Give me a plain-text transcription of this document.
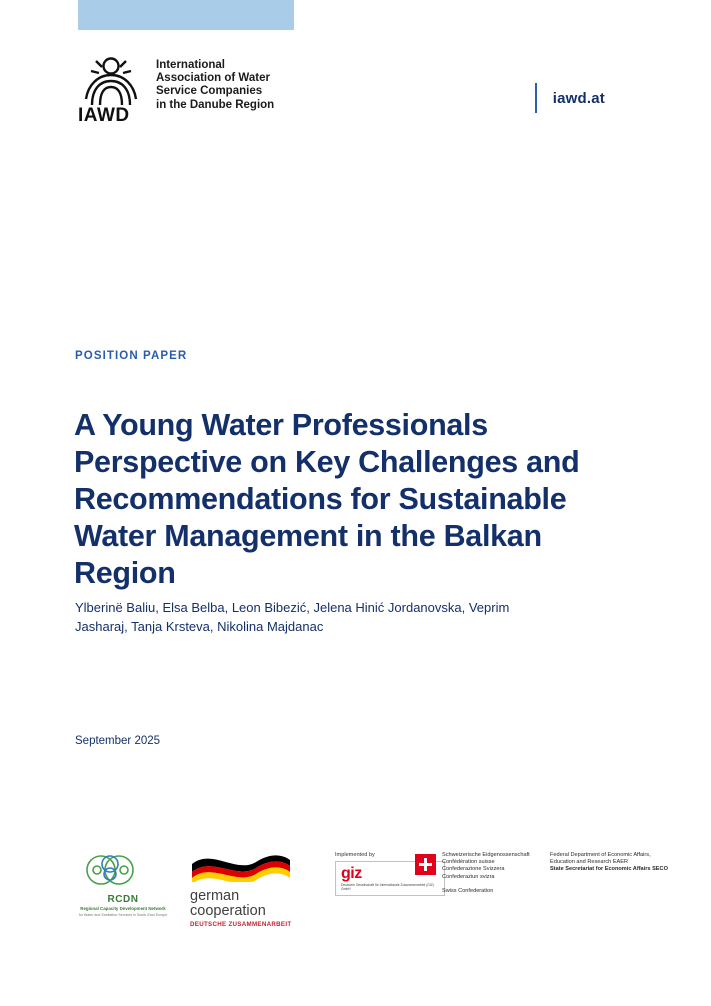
IAWD
International
Association of Water
Service Companies
in the Danube Region	iawd.at
POSITION PAPER
A Young Water Professionals Perspective on Key Challenges and Recommendations for Sustainable Water Management in the Balkan Region
Ylberinë Baliu, Elsa Belba, Leon Bibezić, Jelena Hinić Jordanovska, Veprim Jasharaj, Tanja Krsteva, Nikolina Majdanac
September 2025
RCDN
Regional Capacity Development Network
for Water and Sanitation Services in South-East Europe
german
cooperation
DEUTSCHE ZUSAMMENARBEIT
Implemented by
giz
Deutsche Gesellschaft für Internationale Zusammenarbeit (GIZ) GmbH
Schweizerische Eidgenossenschaft
Confédération suisse
Confederazione Svizzera
Confederaziun svizra
Swiss Confederation
Federal Department of Economic Affairs,
Education and Research EAER
State Secretariat for Economic Affairs SECO
